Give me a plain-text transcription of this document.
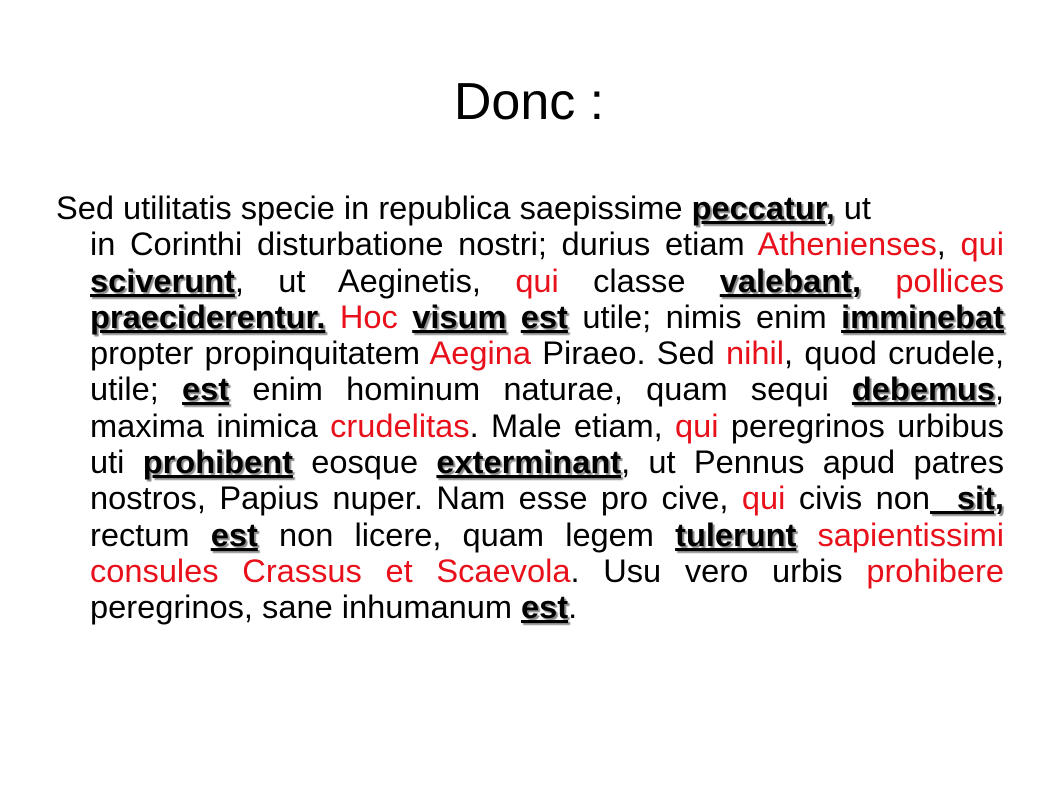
Donc :
Sed utilitatis specie in republica saepissime peccatur, ut
in Corinthi disturbatione nostri; durius etiam Athenienses, qui sciverunt, ut Aeginetis, qui classe valebant, pollices praeciderentur. Hoc visum est utile; nimis enim imminebat propter propinquitatem Aegina Piraeo. Sed nihil, quod crudele, utile; est enim hominum naturae, quam sequi debemus, maxima inimica crudelitas. Male etiam, qui peregrinos urbibus uti prohibent eosque exterminant, ut Pennus apud patres nostros, Papius nuper. Nam esse pro cive, qui civis non  sit, rectum est non licere, quam legem tulerunt sapientissimi consules Crassus et Scaevola. Usu vero urbis prohibere peregrinos, sane inhumanum est.
